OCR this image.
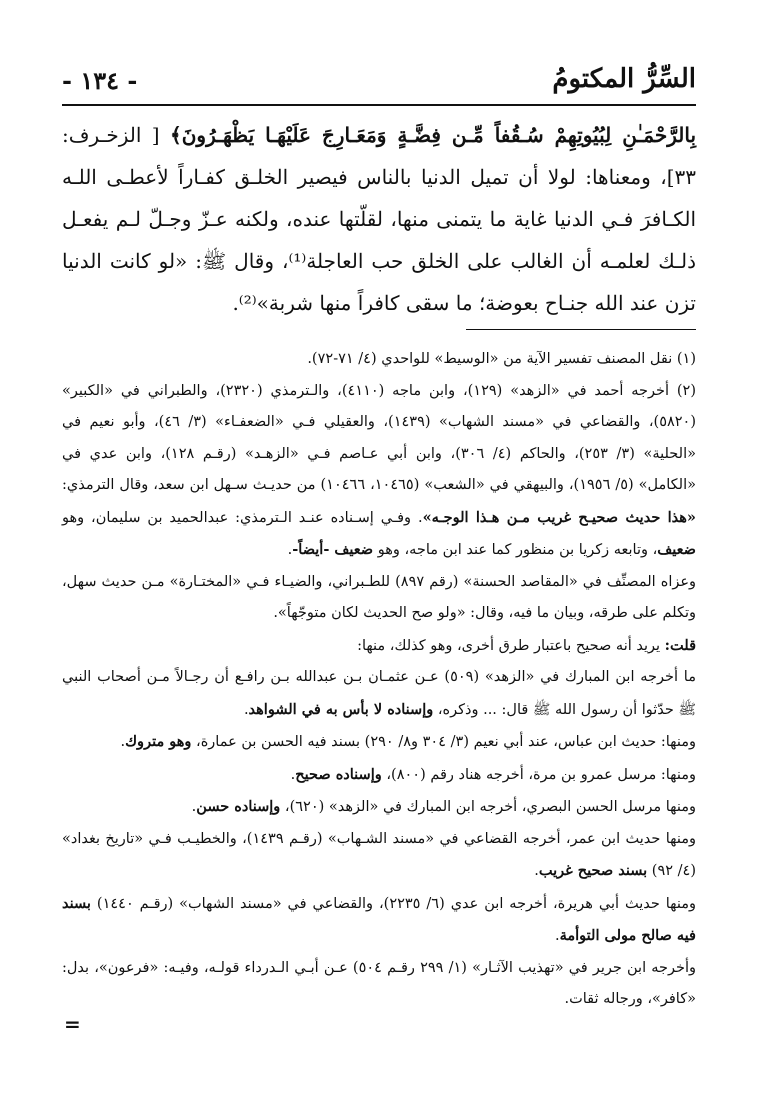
- ١٣٤ -	السِّرُّ المكتومُ
بِالرَّحْمَـٰنِ لِبُيُوتِهِمْ سُـقُفاً مِّـن فِضَّـةٍ وَمَعَـارِجَ عَلَيْهَـا يَظْهَـرُونَ﴾ [ الزخـرف: ٣٣]، ومعناها: لولا أن تميل الدنيا بالناس فيصير الخلـق كفـاراً لأعطـى اللـه الكـافرَ فـي الدنيا غاية ما يتمنى منها، لقلّتها عنده، ولكنه عـزّ وجـلّ لـم يفعـل ذلـك لعلمـه أن الغالب على الخلق حب العاجلة⁽¹⁾، وقال ﷺ: «لو كانت الدنيا تزن عند الله جنـاح بعوضة؛ ما سقى كافراً منها شربة»⁽²⁾.

(١) نقل المصنف تفسير الآية من «الوسيط» للواحدي (٤/ ٧١-٧٢).

(٢) أخرجه أحمد في «الزهد» (١٢٩)، وابن ماجه (٤١١٠)، والـترمذي (٢٣٢٠)، والطبراني في «الكبير» (٥٨٢٠)، والقضاعي في «مسند الشهاب» (١٤٣٩)، والعقيلي فـي «الضعفـاء» (٣/ ٤٦)، وأبو نعيم في «الحلية» (٣/ ٢٥٣)، والحاكم (٤/ ٣٠٦)، وابن أبي عـاصم فـي «الزهـد» (رقـم ١٢٨)، وابن عدي في «الكامل» (٥/ ١٩٥٦)، والبيهقي في «الشعب» (١٠٤٦٥، ١٠٤٦٦) من حديـث سـهل ابن سعد، وقال الترمذي: «هذا حديث صحيـح غريب مـن هـذا الوجـه». وفـي إسـناده عنـد الـترمذي: عبدالحميد بن سليمان، وهو ضعيف، وتابعه زكريا بن منظور كما عند ابن ماجه، وهو ضعيف -أيضاً-.

وعزاه المصنِّف في «المقاصد الحسنة» (رقم ٨٩٧) للطـبراني، والضيـاء فـي «المختـارة» مـن حديث سهل، وتكلم على طرقه، وبيان ما فيه، وقال: «ولو صح الحديث لكان متوجّهاً».

قلت: يريد أنه صحيح باعتبار طرق أخرى، وهو كذلك، منها:

ما أخرجه ابن المبارك في «الزهد» (٥٠٩) عـن عثمـان بـن عبدالله بـن رافـع أن رجـالاً مـن أصحاب النبي ﷺ حدّثوا أن رسول الله ﷺ قال: ... وذكره، وإسناده لا بأس به في الشواهد.

ومنها: حديث ابن عباس، عند أبي نعيم (٣/ ٣٠٤ و٨/ ٢٩٠) بسند فيه الحسن بن عمارة، وهو متروك.

ومنها: مرسل عمرو بن مرة، أخرجه هناد رقم (٨٠٠)، وإسناده صحيح.

ومنها مرسل الحسن البصري، أخرجه ابن المبارك في «الزهد» (٦٢٠)، وإسناده حسن.

ومنها حديث ابن عمر، أخرجه القضاعي في «مسند الشـهاب» (رقـم ١٤٣٩)، والخطيـب فـي «تاريخ بغداد» (٤/ ٩٢) بسند صحيح غريب.

ومنها حديث أبي هريرة، أخرجه ابن عدي (٦/ ٢٢٣٥)، والقضاعي في «مسند الشهاب» (رقـم ١٤٤٠) بسند فيه صالح مولى التوأمة.

وأخرجه ابن جرير في «تهذيب الآثـار» (١/ ٢٩٩ رقـم ٥٠٤) عـن أبـي الـدرداء قولـه، وفيـه: «فرعون»، بدل: «كافر»، ورجاله ثقات.

=
